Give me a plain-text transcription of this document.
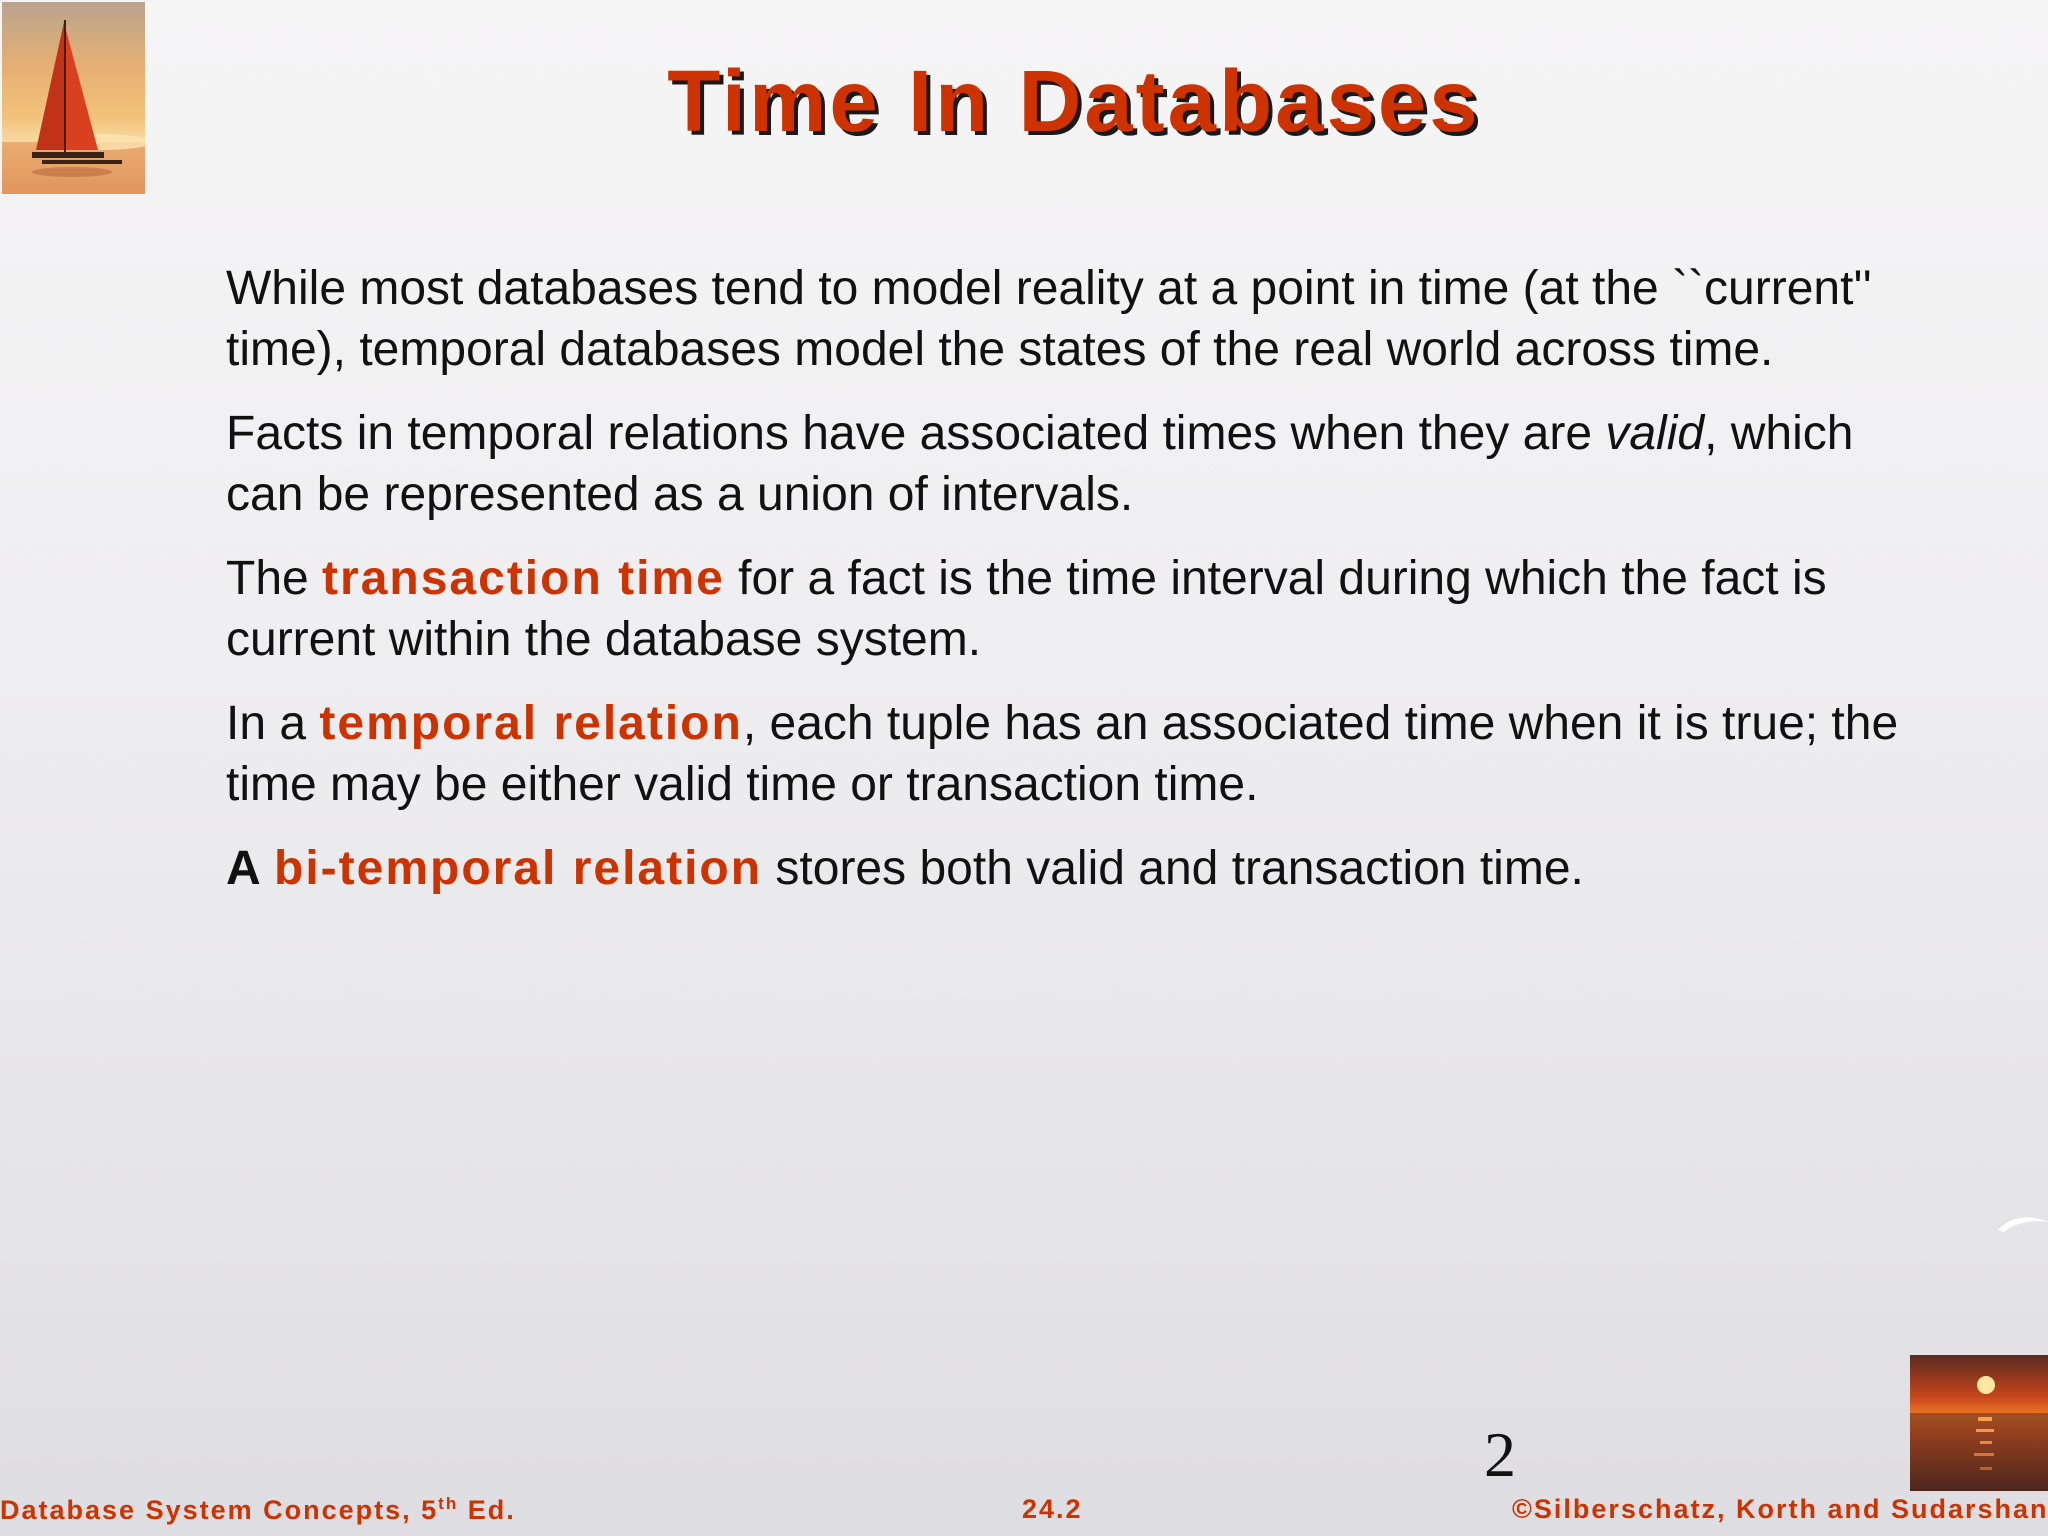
Time In Databases

While most databases tend to model reality at a point in time (at the ``current'' time), temporal databases model the states of the real world across time.

Facts in temporal relations have associated times when they are valid, which can be represented as a union of intervals.

The transaction time for a fact is the time interval during which the fact is current within the database system.

In a temporal relation, each tuple has an associated time when it is true; the time may be either valid time or transaction time.

A bi-temporal relation stores both valid and transaction time.

2
Database System Concepts, 5th Ed.	24.2	©Silberschatz, Korth and Sudarshan
